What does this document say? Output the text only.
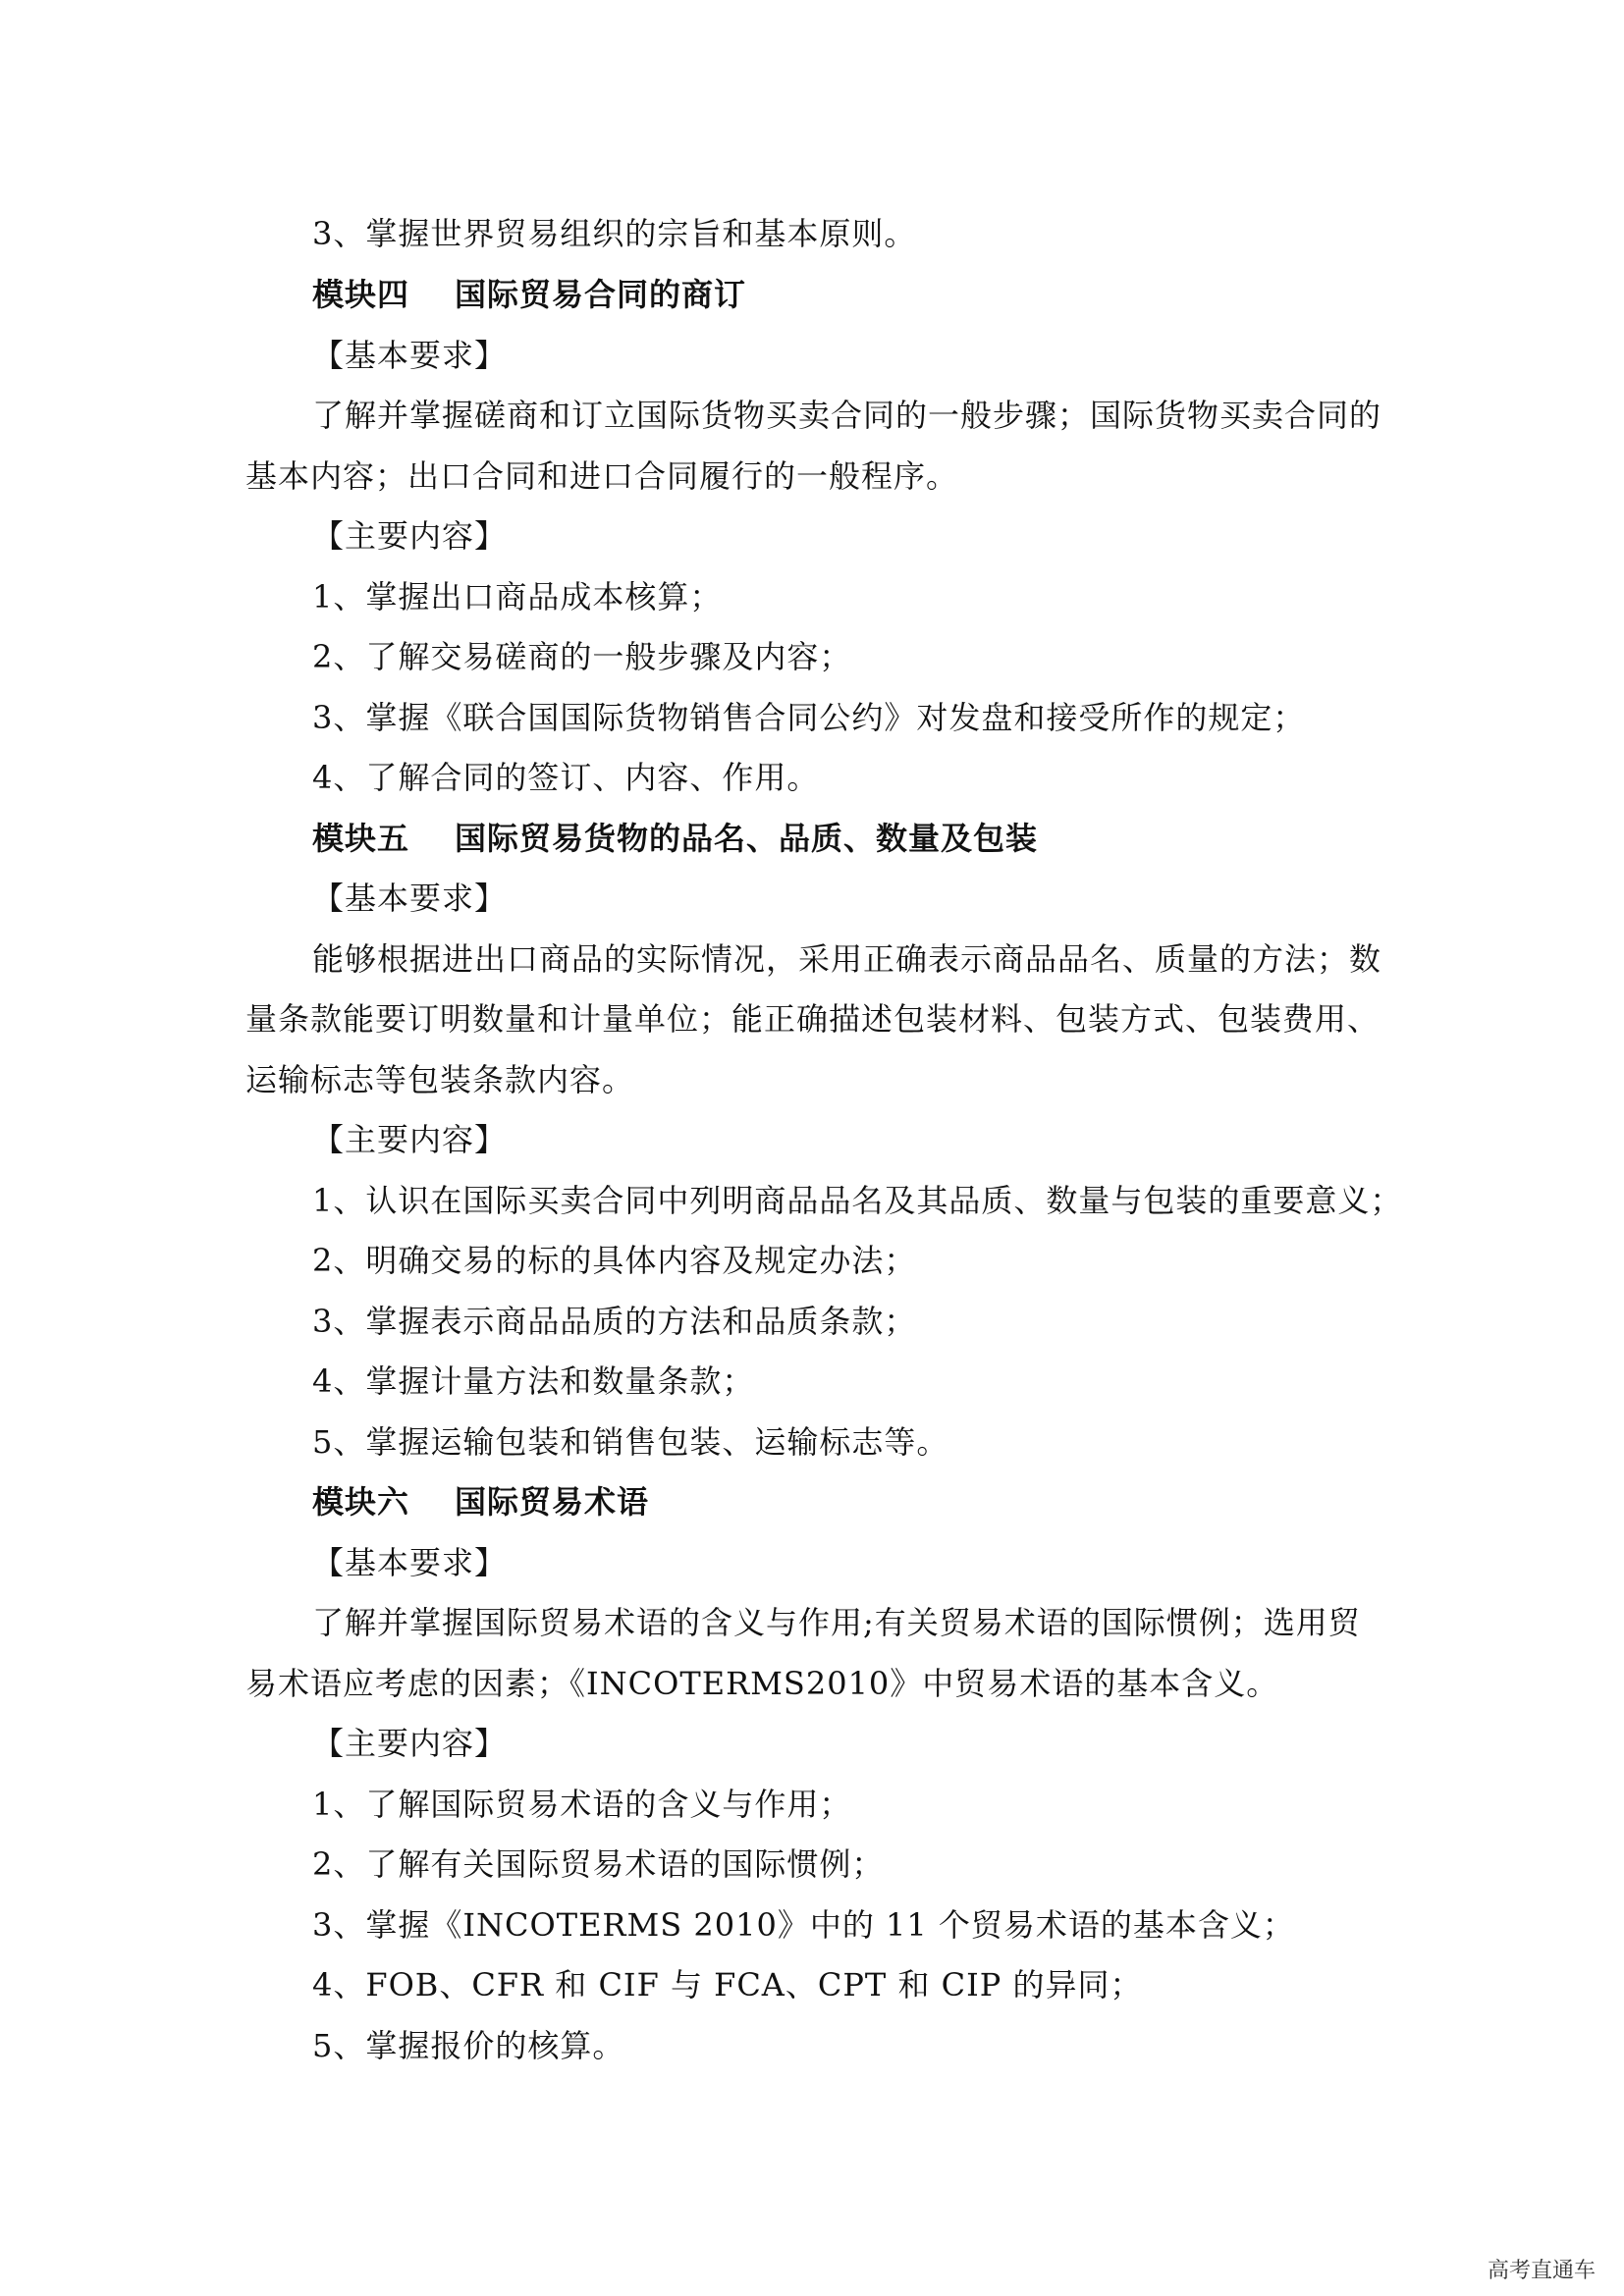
3、掌握世界贸易组织的宗旨和基本原则。
模块四 国际贸易合同的商订
【基本要求】
了解并掌握磋商和订立国际货物买卖合同的一般步骤；国际货物买卖合同的
基本内容；出口合同和进口合同履行的一般程序。
【主要内容】
1、掌握出口商品成本核算；
2、了解交易磋商的一般步骤及内容；
3、掌握《联合国国际货物销售合同公约》对发盘和接受所作的规定；
4、了解合同的签订、内容、作用。
模块五 国际贸易货物的品名、品质、数量及包装
【基本要求】
能够根据进出口商品的实际情况，采用正确表示商品品名、质量的方法；数
量条款能要订明数量和计量单位；能正确描述包装材料、包装方式、包装费用、
运输标志等包装条款内容。
【主要内容】
1、认识在国际买卖合同中列明商品品名及其品质、数量与包装的重要意义；
2、明确交易的标的具体内容及规定办法；
3、掌握表示商品品质的方法和品质条款；
4、掌握计量方法和数量条款；
5、掌握运输包装和销售包装、运输标志等。
模块六 国际贸易术语
【基本要求】
了解并掌握国际贸易术语的含义与作用;有关贸易术语的国际惯例；选用贸
易术语应考虑的因素；《INCOTERMS2010》中贸易术语的基本含义。
【主要内容】
1、了解国际贸易术语的含义与作用；
2、了解有关国际贸易术语的国际惯例；
3、掌握《INCOTERMS 2010》中的 11 个贸易术语的基本含义；
4、FOB、CFR 和 CIF 与 FCA、CPT 和 CIP 的异同；
5、掌握报价的核算。
高考直通车
